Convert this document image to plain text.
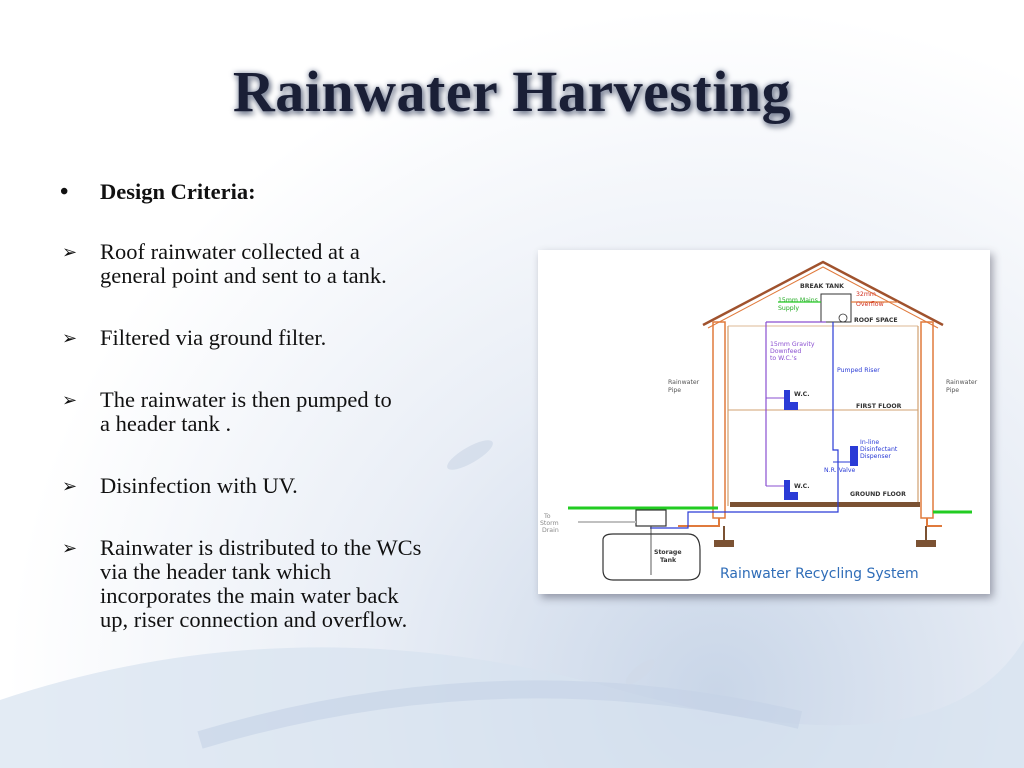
Rainwater Harvesting
• Design Criteria:
➢ Roof rainwater collected at a
general point and sent to a tank.
➢ Filtered via ground filter.
➢ The rainwater is then pumped to
a header tank .
➢ Disinfection with UV.
➢ Rainwater is distributed to the WCs
via the header tank which
incorporates the main water back
up, riser connection and overflow.
BREAK TANK
32mm
Overflow
15mm Mains
Supply
ROOF SPACE
15mm Gravity
Downfeed
to W.C.'s
Pumped Riser
Rainwater
Pipe
Rainwater
Pipe
W.C.
FIRST FLOOR
In-line
Disinfectant
Dispenser
N.R. Valve
W.C.
GROUND FLOOR
To
Storm
Drain
Storage
Tank
Rainwater Recycling System
